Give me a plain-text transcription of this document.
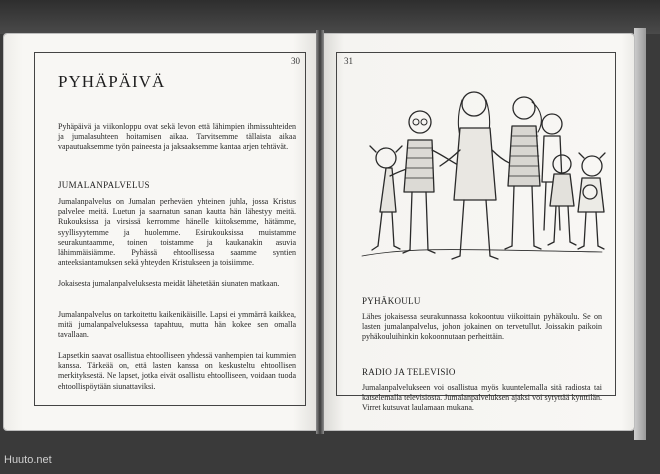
30
PYHÄPÄIVÄ

Pyhäpäivä ja viikonloppu ovat sekä levon että lähimpien ihmissuhteiden ja jumalasuhteen hoitamisen aikaa. Tarvitsemme tällaista aikaa vapautuaksemme työn paineesta ja jaksaaksemme kantaa arjen tehtävät.

JUMALANPALVELUS

Jumalanpalvelus on Jumalan perheväen yhteinen juhla, jossa Kristus palvelee meitä. Luetun ja saarnatun sanan kautta hän lähestyy meitä. Rukouksissa ja virsissä kerromme hänelle kiitoksemme, hätämme, syyllisyytemme ja huolemme. Esirukouksissa muistamme seurakuntaamme, toinen toistamme ja kaukanakin asuvia lähimmäisiämme. Pyhässä ehtoollisessa saamme syntien anteeksiantamuksen sekä yhteyden Kristukseen ja toisiimme.

Jokaisesta jumalanpalveluksesta meidät lähetetään siunaten matkaan.

Jumalanpalvelus on tarkoitettu kaikenikäisille. Lapsi ei ymmärrä kaikkea, mitä jumalanpalveluksessa tapahtuu, mutta hän kokee sen omalla tavallaan.

Lapsetkin saavat osallistua ehtoolliseen yhdessä vanhempien tai kummien kanssa. Tärkeää on, että lasten kanssa on keskusteltu ehtoollisen merkityksestä. Ne lapset, jotka eivät osallistu ehtoolliseen, voidaan tuoda ehtoollispöytään siunattaviksi.

31
PYHÄKOULU

Lähes jokaisessa seurakunnassa kokoontuu viikoittain pyhäkoulu. Se on lasten jumalanpalvelus, johon jokainen on tervetullut. Joissakin paikoin pyhäkouluihinkin kokoonnutaan perheittäin.

RADIO JA TELEVISIO

Jumalanpalvelukseen voi osallistua myös kuuntelemalla sitä radiosta tai katselemalla televisiosta. Jumalanpalveluksen ajaksi voi sytyttää kynttilän. Virret kutsuvat laulamaan mukana.

Huuto.net
